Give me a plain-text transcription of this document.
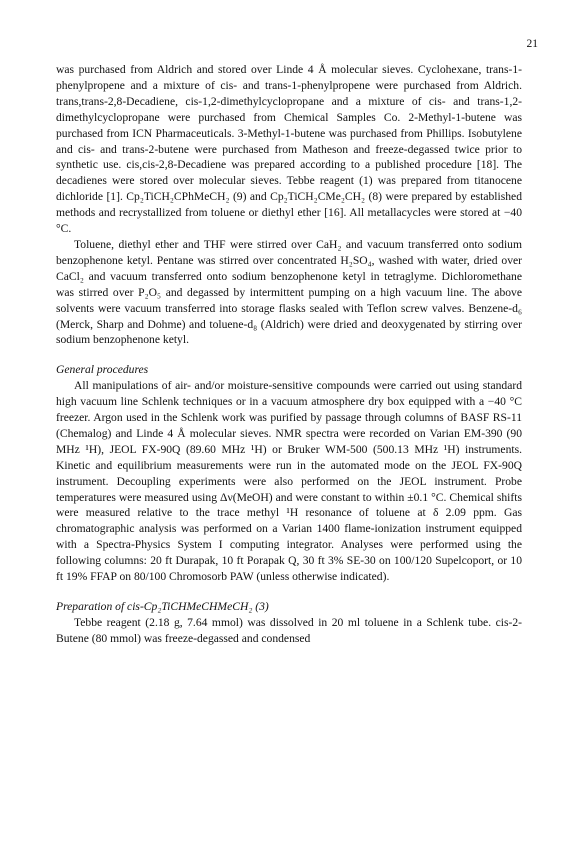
21

was purchased from Aldrich and stored over Linde 4 Å molecular sieves. Cyclohexane, trans-1-phenylpropene and a mixture of cis- and trans-1-phenylpropene were purchased from Aldrich. trans,trans-2,8-Decadiene, cis-1,2-dimethylcyclopropane and a mixture of cis- and trans-1,2-dimethylcyclopropane were purchased from Chemical Samples Co. 2-Methyl-1-butene was purchased from ICN Pharmaceuticals. 3-Methyl-1-butene was purchased from Phillips. Isobutylene and cis- and trans-2-butene were purchased from Matheson and freeze-degassed twice prior to synthetic use. cis,cis-2,8-Decadiene was prepared according to a published procedure [18]. The decadienes were stored over molecular sieves. Tebbe reagent (1) was prepared from titanocene dichloride [1]. Cp₂TiCH₂CPhMeCH₂ (9) and Cp₂TiCH₂CMe₂CH₂ (8) were prepared by established methods and recrystallized from toluene or diethyl ether [16]. All metallacycles were stored at −40 °C.

Toluene, diethyl ether and THF were stirred over CaH₂ and vacuum transferred onto sodium benzophenone ketyl. Pentane was stirred over concentrated H₂SO₄, washed with water, dried over CaCl₂ and vacuum transferred onto sodium benzophenone ketyl in tetraglyme. Dichloromethane was stirred over P₂O₅ and degassed by intermittent pumping on a high vacuum line. The above solvents were vacuum transferred into storage flasks sealed with Teflon screw valves. Benzene-d₆ (Merck, Sharp and Dohme) and toluene-d₈ (Aldrich) were dried and deoxygenated by stirring over sodium benzophenone ketyl.

General procedures

All manipulations of air- and/or moisture-sensitive compounds were carried out using standard high vacuum line Schlenk techniques or in a vacuum atmosphere dry box equipped with a −40 °C freezer. Argon used in the Schlenk work was purified by passage through columns of BASF RS-11 (Chemalog) and Linde 4 Å molecular sieves. NMR spectra were recorded on Varian EM-390 (90 MHz ¹H), JEOL FX-90Q (89.60 MHz ¹H) or Bruker WM-500 (500.13 MHz ¹H) instruments. Kinetic and equilibrium measurements were run in the automated mode on the JEOL FX-90Q instrument. Decoupling experiments were also performed on the JEOL instrument. Probe temperatures were measured using Δν(MeOH) and were constant to within ±0.1 °C. Chemical shifts were measured relative to the trace methyl ¹H resonance of toluene at δ 2.09 ppm. Gas chromatographic analysis was performed on a Varian 1400 flame-ionization instrument equipped with a Spectra-Physics System I computing integrator. Analyses were performed using the following columns: 20 ft Durapak, 10 ft Porapak Q, 30 ft 3% SE-30 on 100/120 Supelcoport, or 10 ft 19% FFAP on 80/100 Chromosorb PAW (unless otherwise indicated).

Preparation of cis-Cp₂TiCHMeCHMeCH₂ (3)

Tebbe reagent (2.18 g, 7.64 mmol) was dissolved in 20 ml toluene in a Schlenk tube. cis-2-Butene (80 mmol) was freeze-degassed and condensed
